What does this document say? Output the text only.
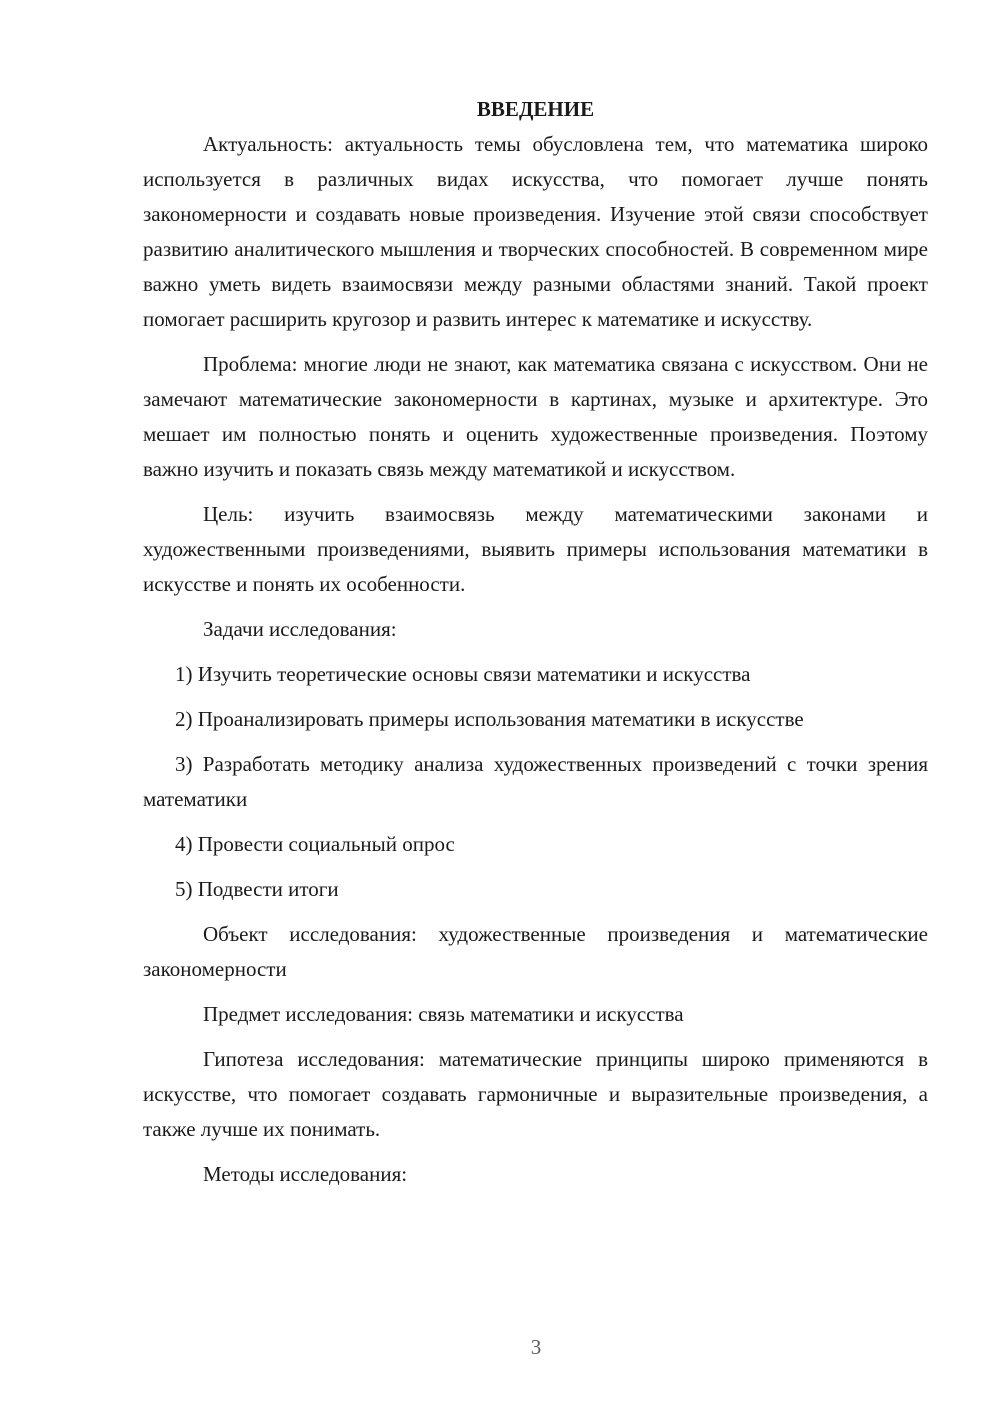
ВВЕДЕНИЕ

Актуальность: актуальность темы обусловлена тем, что математика широко используется в различных видах искусства, что помогает лучше понять закономерности и создавать новые произведения. Изучение этой связи способствует развитию аналитического мышления и творческих способностей. В современном мире важно уметь видеть взаимосвязи между разными областями знаний. Такой проект помогает расширить кругозор и развить интерес к математике и искусству.

Проблема: многие люди не знают, как математика связана с искусством. Они не замечают математические закономерности в картинах, музыке и архитектуре. Это мешает им полностью понять и оценить художественные произведения. Поэтому важно изучить и показать связь между математикой и искусством.

Цель: изучить взаимосвязь между математическими законами и художественными произведениями, выявить примеры использования математики в искусстве и понять их особенности.

Задачи исследования:

1) Изучить теоретические основы связи математики и искусства

2) Проанализировать примеры использования математики в искусстве

3) Разработать методику анализа художественных произведений с точки зрения математики

4) Провести социальный опрос

5) Подвести итоги

Объект исследования: художественные произведения и математические закономерности

Предмет исследования: связь математики и искусства

Гипотеза исследования: математические принципы широко применяются в искусстве, что помогает создавать гармоничные и выразительные произведения, а также лучше их понимать.

Методы исследования:

3
